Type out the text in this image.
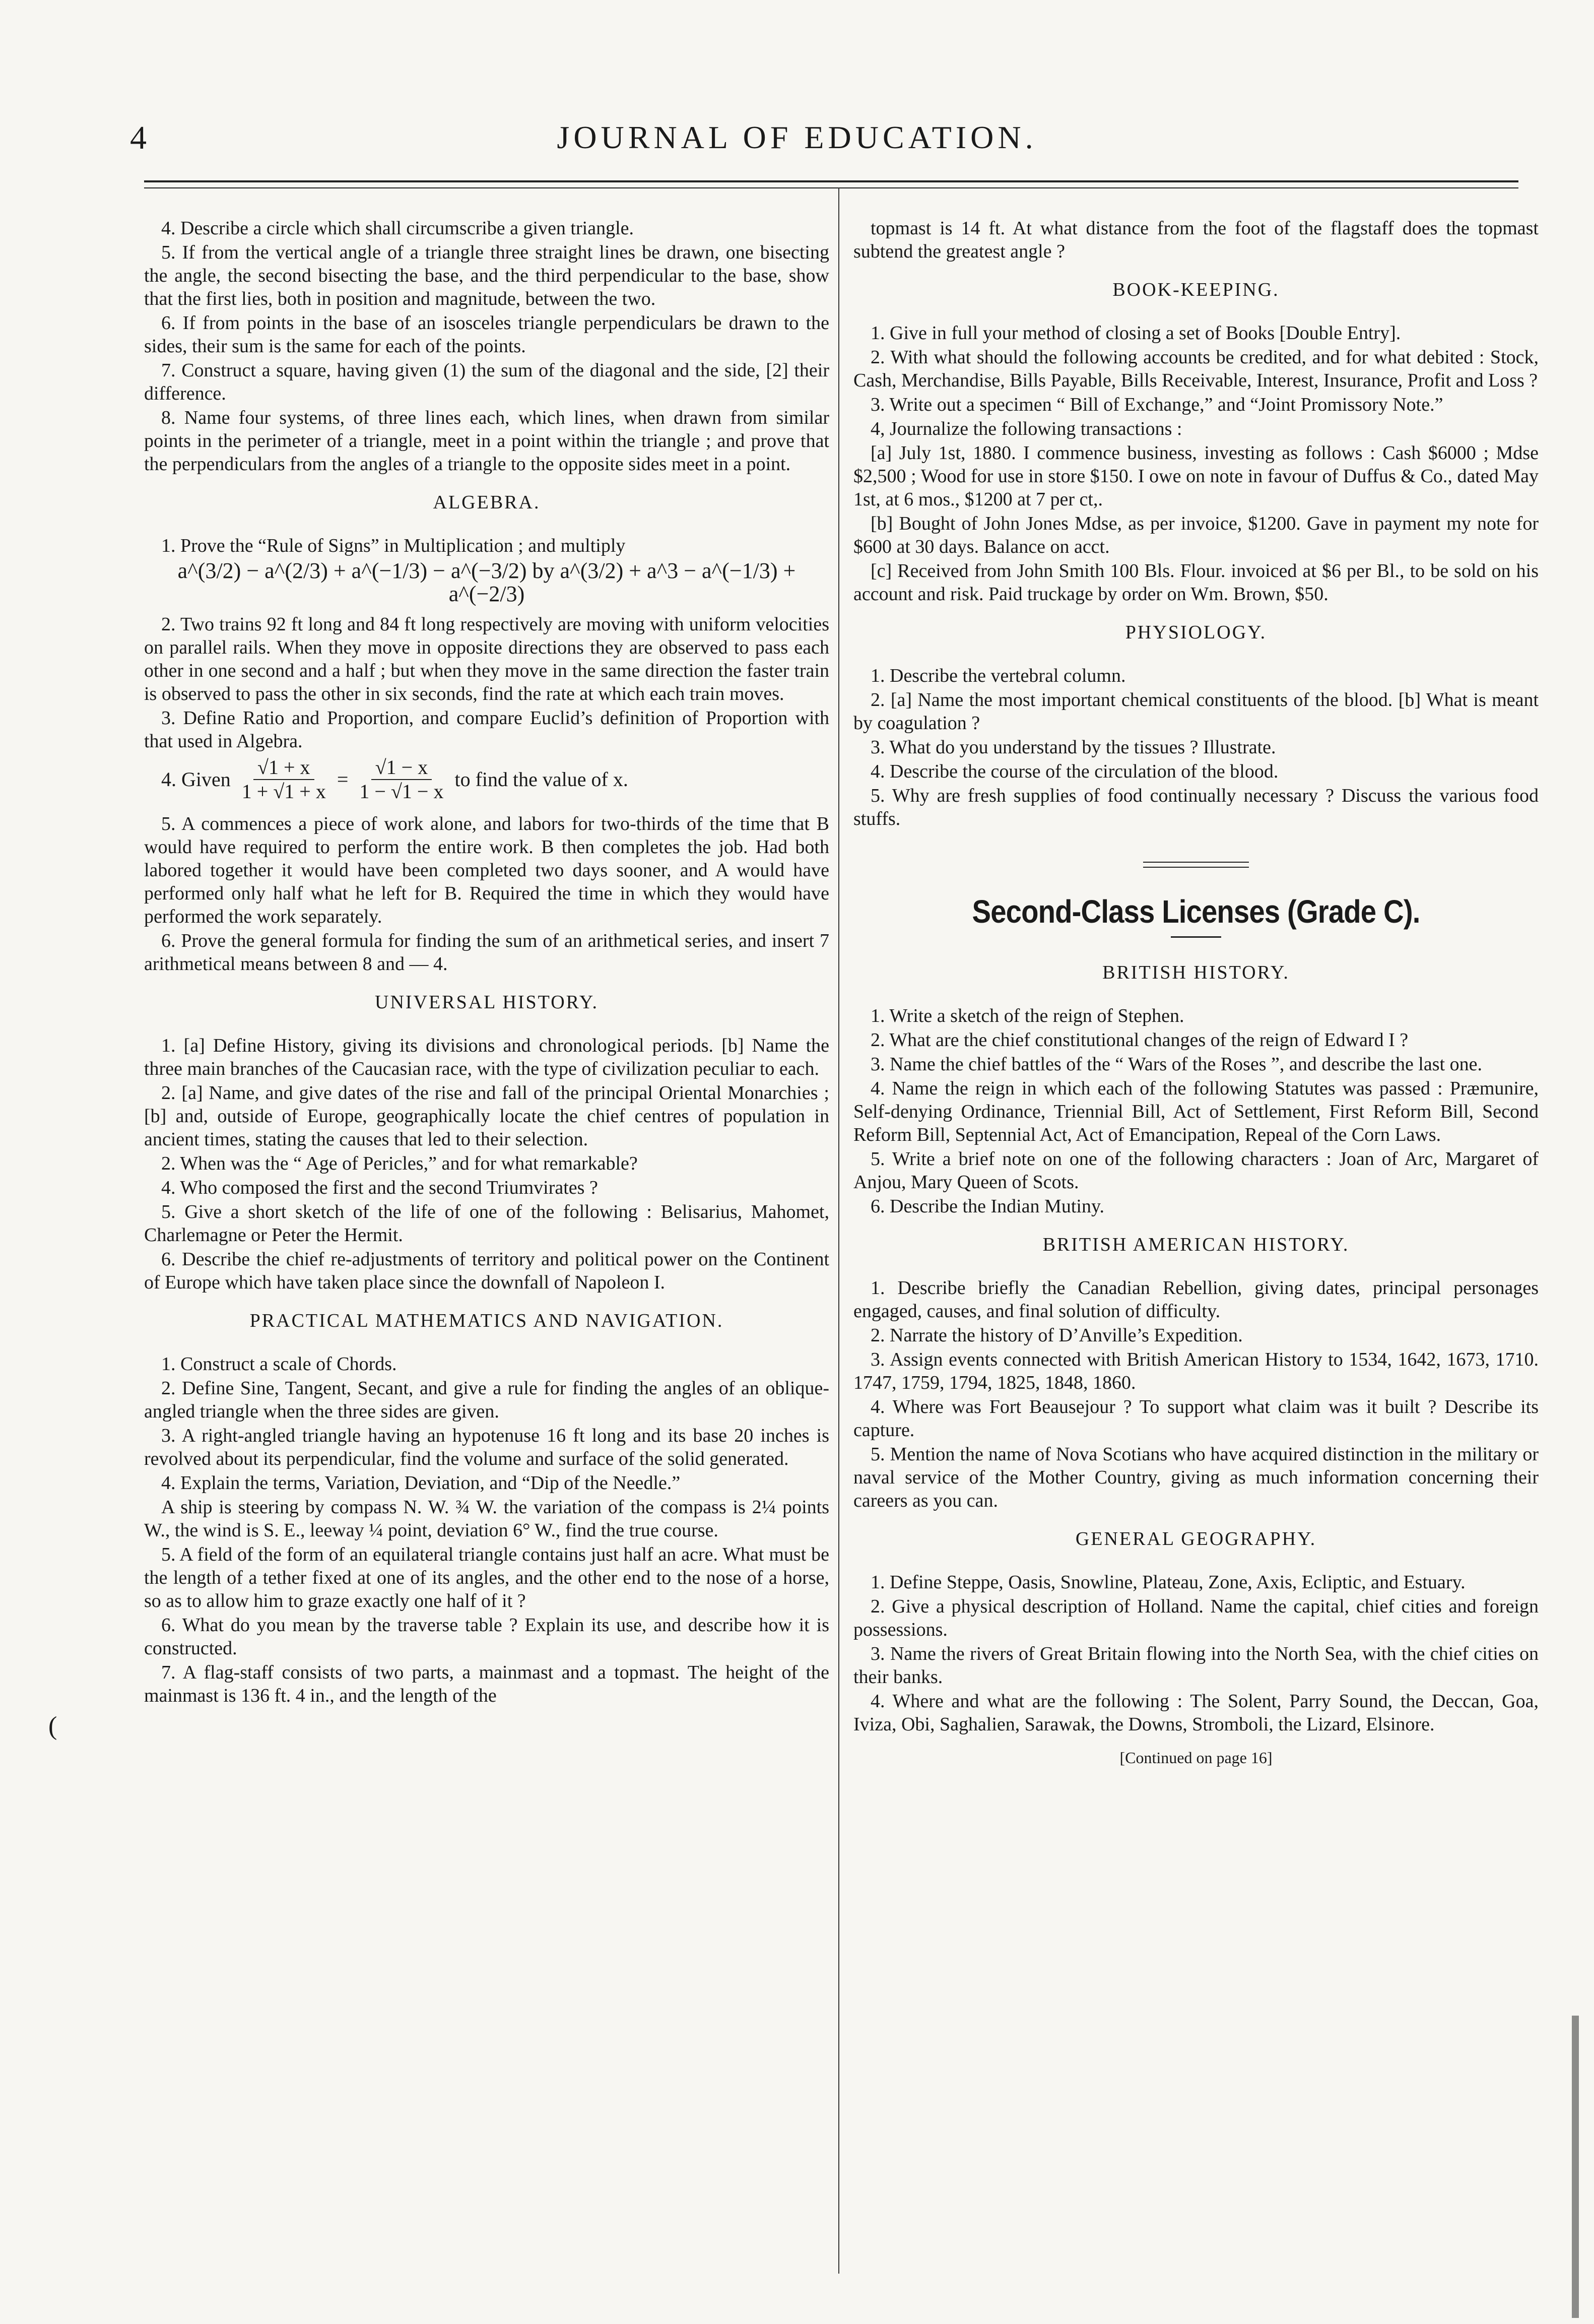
4	JOURNAL OF EDUCATION.
(

4. Describe a circle which shall circumscribe a given triangle.

5. If from the vertical angle of a triangle three straight lines be drawn, one bisecting the angle, the second bisecting the base, and the third perpendicular to the base, show that the first lies, both in position and magnitude, between the two.

6. If from points in the base of an isosceles triangle perpendiculars be drawn to the sides, their sum is the same for each of the points.

7. Construct a square, having given (1) the sum of the diagonal and the side, [2] their difference.

8. Name four systems, of three lines each, which lines, when drawn from similar points in the perimeter of a triangle, meet in a point within the triangle ; and prove that the perpendiculars from the angles of a triangle to the opposite sides meet in a point.

ALGEBRA.

1. Prove the “Rule of Signs” in Multiplication ; and multiply

a^(3/2) − a^(2/3) + a^(−1/3) − a^(−3/2) by a^(3/2) + a^3 − a^(−1/3) + a^(−2/3)

2. Two trains 92 ft long and 84 ft long respectively are moving with uniform velocities on parallel rails. When they move in opposite directions they are observed to pass each other in one second and a half ; but when they move in the same direction the faster train is observed to pass the other in six seconds, find the rate at which each train moves.

3. Define Ratio and Proportion, and compare Euclid’s definition of Proportion with that used in Algebra.

4. Given $\frac{√1 + x}{1 + √1 + x} = \frac{√1 - x}{1 - √1 - x}$ to find the value of x.

5. A commences a piece of work alone, and labors for two-thirds of the time that B would have required to perform the entire work. B then completes the job. Had both labored together it would have been completed two days sooner, and A would have performed only half what he left for B. Required the time in which they would have performed the work separately.

6. Prove the general formula for finding the sum of an arithmetical series, and insert 7 arithmetical means between 8 and — 4.

UNIVERSAL HISTORY.

1. [a] Define History, giving its divisions and chronological periods. [b] Name the three main branches of the Caucasian race, with the type of civilization peculiar to each.

2. [a] Name, and give dates of the rise and fall of the principal Oriental Monarchies ; [b] and, outside of Europe, geographically locate the chief centres of population in ancient times, stating the causes that led to their selection.

2. When was the “ Age of Pericles,” and for what remarkable?

4. Who composed the first and the second Triumvirates ?

5. Give a short sketch of the life of one of the following : Belisarius, Mahomet, Charlemagne or Peter the Hermit.

6. Describe the chief re-adjustments of territory and political power on the Continent of Europe which have taken place since the downfall of Napoleon I.

PRACTICAL MATHEMATICS AND NAVIGATION.

1. Construct a scale of Chords.

2. Define Sine, Tangent, Secant, and give a rule for finding the angles of an oblique-angled triangle when the three sides are given.

3. A right-angled triangle having an hypotenuse 16 ft long and its base 20 inches is revolved about its perpendicular, find the volume and surface of the solid generated.

4. Explain the terms, Variation, Deviation, and “Dip of the Needle.”

A ship is steering by compass N. W. ¾ W. the variation of the compass is 2¼ points W., the wind is S. E., leeway ¼ point, deviation 6° W., find the true course.

5. A field of the form of an equilateral triangle contains just half an acre. What must be the length of a tether fixed at one of its angles, and the other end to the nose of a horse, so as to allow him to graze exactly one half of it ?

6. What do you mean by the traverse table ? Explain its use, and describe how it is constructed.

7. A flag-staff consists of two parts, a mainmast and a topmast. The height of the mainmast is 136 ft. 4 in., and the length of the

topmast is 14 ft. At what distance from the foot of the flagstaff does the topmast subtend the greatest angle ?

BOOK-KEEPING.

1. Give in full your method of closing a set of Books [Double Entry].

2. With what should the following accounts be credited, and for what debited : Stock, Cash, Merchandise, Bills Payable, Bills Receivable, Interest, Insurance, Profit and Loss ?

3. Write out a specimen “ Bill of Exchange,” and “Joint Promissory Note.”

4, Journalize the following transactions :

[a] July 1st, 1880. I commence business, investing as follows : Cash $6000 ; Mdse $2,500 ; Wood for use in store $150. I owe on note in favour of Duffus & Co., dated May 1st, at 6 mos., $1200 at 7 per ct,.

[b] Bought of John Jones Mdse, as per invoice, $1200. Gave in payment my note for $600 at 30 days. Balance on acct.

[c] Received from John Smith 100 Bls. Flour. invoiced at $6 per Bl., to be sold on his account and risk. Paid truckage by order on Wm. Brown, $50.

PHYSIOLOGY.

1. Describe the vertebral column.

2. [a] Name the most important chemical constituents of the blood. [b] What is meant by coagulation ?

3. What do you understand by the tissues ? Illustrate.

4. Describe the course of the circulation of the blood.

5. Why are fresh supplies of food continually necessary ? Discuss the various food stuffs.

Second-Class Licenses (Grade C).
BRITISH HISTORY.

1. Write a sketch of the reign of Stephen.

2. What are the chief constitutional changes of the reign of Edward I ?

3. Name the chief battles of the “ Wars of the Roses ”, and describe the last one.

4. Name the reign in which each of the following Statutes was passed : Præmunire, Self-denying Ordinance, Triennial Bill, Act of Settlement, First Reform Bill, Second Reform Bill, Septennial Act, Act of Emancipation, Repeal of the Corn Laws.

5. Write a brief note on one of the following characters : Joan of Arc, Margaret of Anjou, Mary Queen of Scots.

6. Describe the Indian Mutiny.

BRITISH AMERICAN HISTORY.

1. Describe briefly the Canadian Rebellion, giving dates, principal personages engaged, causes, and final solution of difficulty.

2. Narrate the history of D’Anville’s Expedition.

3. Assign events connected with British American History to 1534, 1642, 1673, 1710. 1747, 1759, 1794, 1825, 1848, 1860.

4. Where was Fort Beausejour ? To support what claim was it built ? Describe its capture.

5. Mention the name of Nova Scotians who have acquired distinction in the military or naval service of the Mother Country, giving as much information concerning their careers as you can.

GENERAL GEOGRAPHY.

1. Define Steppe, Oasis, Snowline, Plateau, Zone, Axis, Ecliptic, and Estuary.

2. Give a physical description of Holland. Name the capital, chief cities and foreign possessions.

3. Name the rivers of Great Britain flowing into the North Sea, with the chief cities on their banks.

4. Where and what are the following : The Solent, Parry Sound, the Deccan, Goa, Iviza, Obi, Saghalien, Sarawak, the Downs, Stromboli, the Lizard, Elsinore.

[Continued on page 16]
